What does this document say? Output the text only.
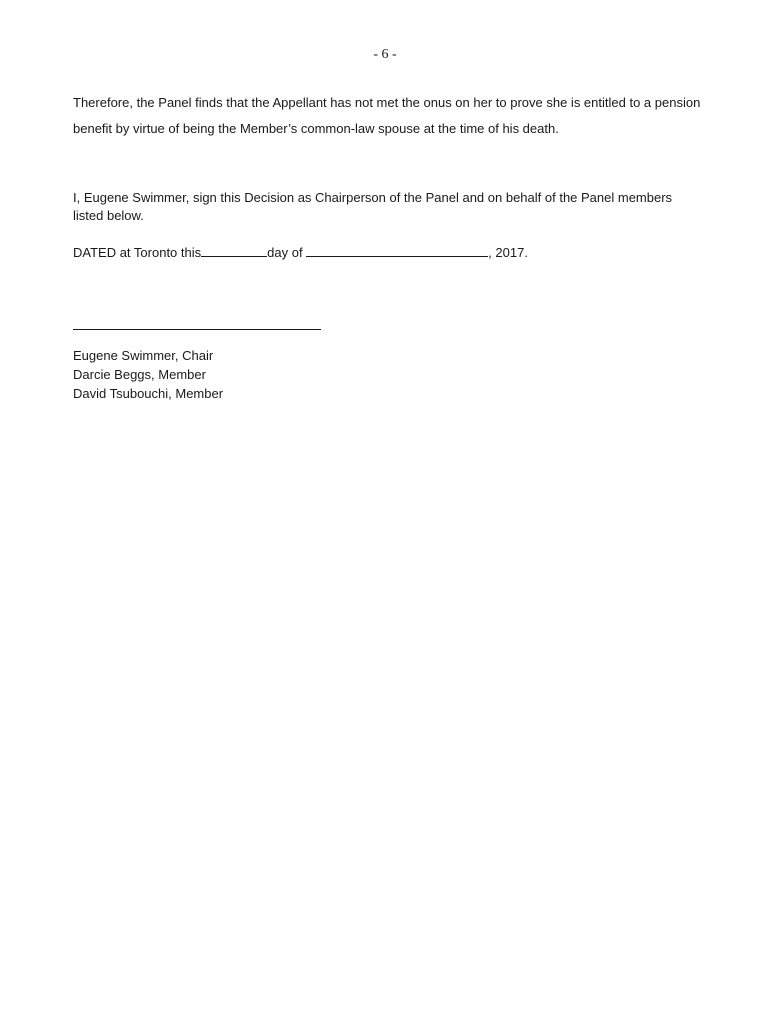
- 6 -

Therefore, the Panel finds that the Appellant has not met the onus on her to prove she is entitled to a pension benefit by virtue of being the Member’s common-law spouse at the time of his death.

I, Eugene Swimmer, sign this Decision as Chairperson of the Panel and on behalf of the Panel members listed below.

DATED at Toronto this	day of	, 2017.
Eugene Swimmer, Chair
Darcie Beggs, Member
David Tsubouchi, Member
